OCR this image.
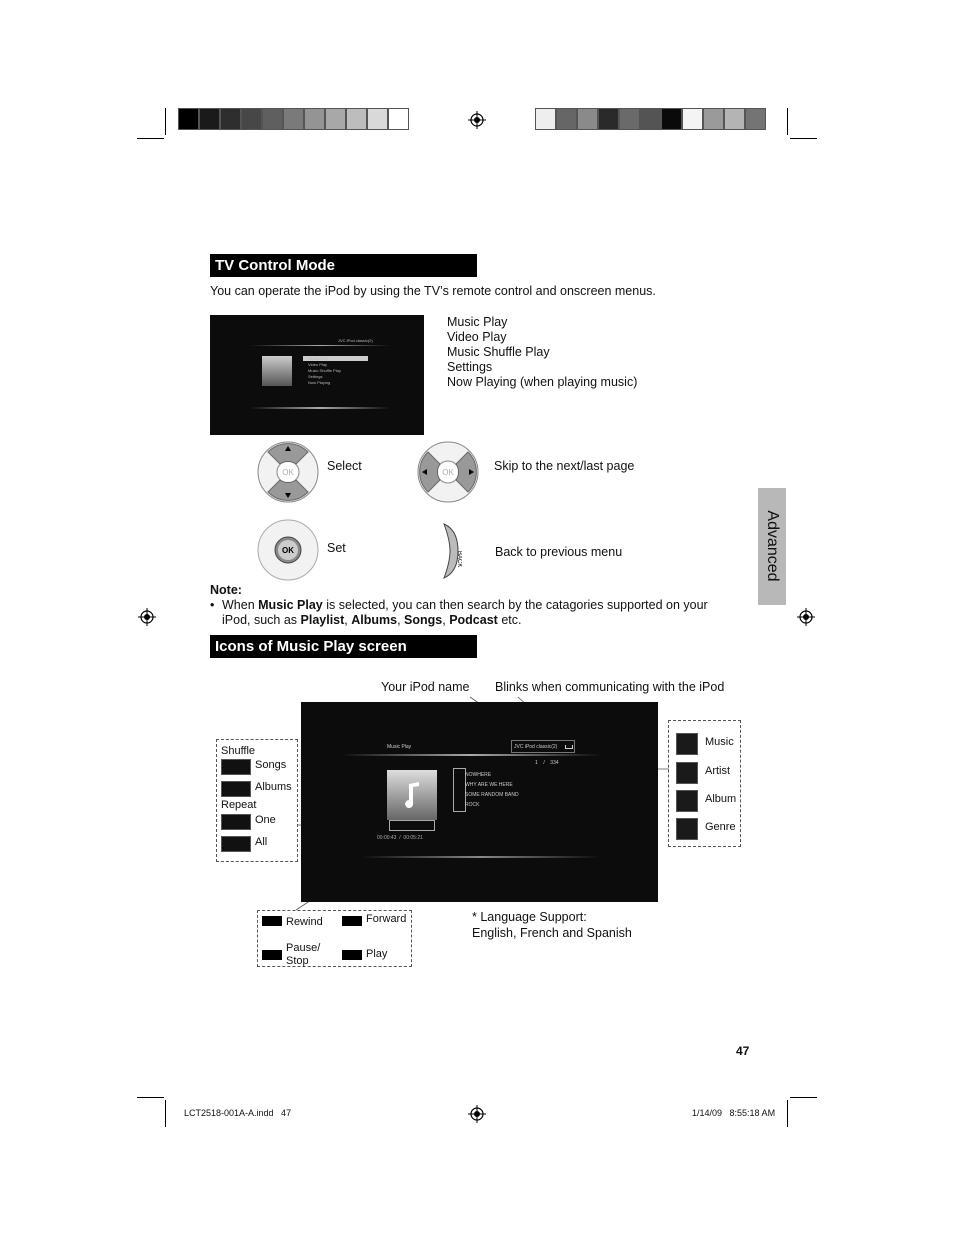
TV Control Mode
You can operate the iPod by using the TV’s remote control and onscreen menus.
JVC iPod classic(2)
Music Play
Video Play
Music Shuffle Play
Settings
Now Playing
Music Play
Video Play
Music Shuffle Play
Settings
Now Playing (when playing music)
OK	Select	OK	Skip to the next/last page
OK	Set
BACK	Back to previous menu	Advanced
Note:
• When Music Play is selected, you can then search by the catagories supported on your
iPod, such as Playlist, Albums, Songs, Podcast etc.
Icons of Music Play screen
Your iPod name Blinks when communicating with the iPod
Music Play	JVC iPod classic(2)
1 / 334
NOWHERE
WHY ARE WE HERE
SOME RANDOM BAND
ROCK
00:00:43 / 00:05:21
Shuffle
Songs
Albums
Repeat
One
All
Music
Artist
Album
Genre
Rewind	Forward
Pause/
Stop
Play
* Language Support:
English, French and Spanish
47
LCT2518-001A-A.indd   47	1/14/09   8:55:18 AM
